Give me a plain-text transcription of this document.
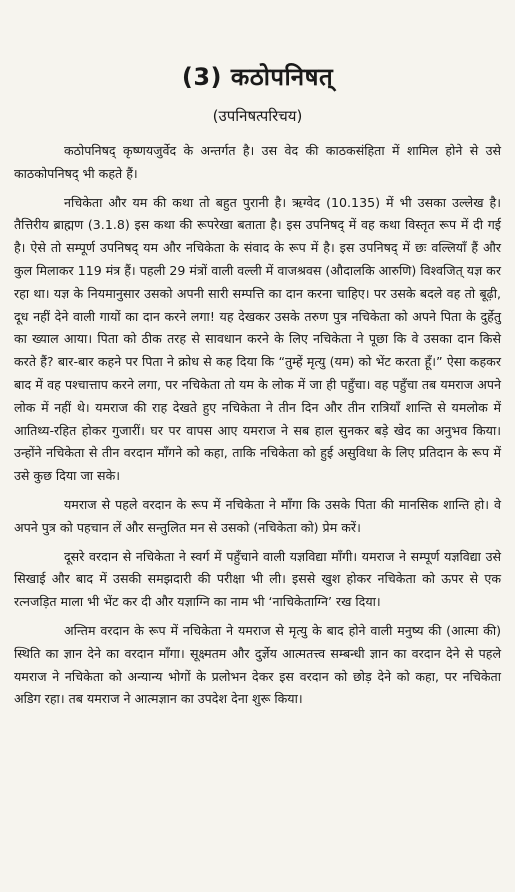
(3) कठोपनिषत्
(उपनिषत्परिचय)

कठोपनिषद् कृष्णयजुर्वेद के अन्तर्गत है। उस वेद की काठकसंहिता में शामिल होने से उसे काठकोपनिषद् भी कहते हैं।

नचिकेता और यम की कथा तो बहुत पुरानी है। ऋग्वेद (10.135) में भी उसका उल्लेख है। तैत्तिरीय ब्राह्मण (3.1.8) इस कथा की रूपरेखा बताता है। इस उपनिषद् में वह कथा विस्तृत रूप में दी गई है। ऐसे तो सम्पूर्ण उपनिषद् यम और नचिकेता के संवाद के रूप में है। इस उपनिषद् में छः वल्लियाँ हैं और कुल मिलाकर 119 मंत्र हैं। पहली 29 मंत्रों वाली वल्ली में वाजश्रवस (औदालकि आरुणि) विश्वजित् यज्ञ कर रहा था। यज्ञ के नियमानुसार उसको अपनी सारी सम्पत्ति का दान करना चाहिए। पर उसके बदले वह तो बूढ़ी, दूध नहीं देने वाली गायों का दान करने लगा! यह देखकर उसके तरुण पुत्र नचिकेता को अपने पिता के दुर्हेतु का ख्याल आया। पिता को ठीक तरह से सावधान करने के लिए नचिकेता ने पूछा कि वे उसका दान किसे करते हैं? बार-बार कहने पर पिता ने क्रोध से कह दिया कि “तुम्हें मृत्यु (यम) को भेंट करता हूँ।” ऐसा कहकर बाद में वह पश्चात्ताप करने लगा, पर नचिकेता तो यम के लोक में जा ही पहुँचा। वह पहुँचा तब यमराज अपने लोक में नहीं थे। यमराज की राह देखते हुए नचिकेता ने तीन दिन और तीन रात्रियाँ शान्ति से यमलोक में आतिथ्य-रहित होकर गुजारीं। घर पर वापस आए यमराज ने सब हाल सुनकर बड़े खेद का अनुभव किया। उन्होंने नचिकेता से तीन वरदान माँगने को कहा, ताकि नचिकेता को हुई असुविधा के लिए प्रतिदान के रूप में उसे कुछ दिया जा सके।

यमराज से पहले वरदान के रूप में नचिकेता ने माँगा कि उसके पिता की मानसिक शान्ति हो। वे अपने पुत्र को पहचान लें और सन्तुलित मन से उसको (नचिकेता को) प्रेम करें।

दूसरे वरदान से नचिकेता ने स्वर्ग में पहुँचाने वाली यज्ञविद्या माँगी। यमराज ने सम्पूर्ण यज्ञविद्या उसे सिखाई और बाद में उसकी समझदारी की परीक्षा भी ली। इससे खुश होकर नचिकेता को ऊपर से एक रत्नजड़ित माला भी भेंट कर दी और यज्ञाग्नि का नाम भी ‘नाचिकेताग्नि’ रख दिया।

अन्तिम वरदान के रूप में नचिकेता ने यमराज से मृत्यु के बाद होने वाली मनुष्य की (आत्मा की) स्थिति का ज्ञान देने का वरदान माँगा। सूक्ष्मतम और दुर्ज्ञेय आत्मतत्त्व सम्बन्धी ज्ञान का वरदान देने से पहले यमराज ने नचिकेता को अन्यान्य भोगों के प्रलोभन देकर इस वरदान को छोड़ देने को कहा, पर नचिकेता अडिग रहा। तब यमराज ने आत्मज्ञान का उपदेश देना शुरू किया।
